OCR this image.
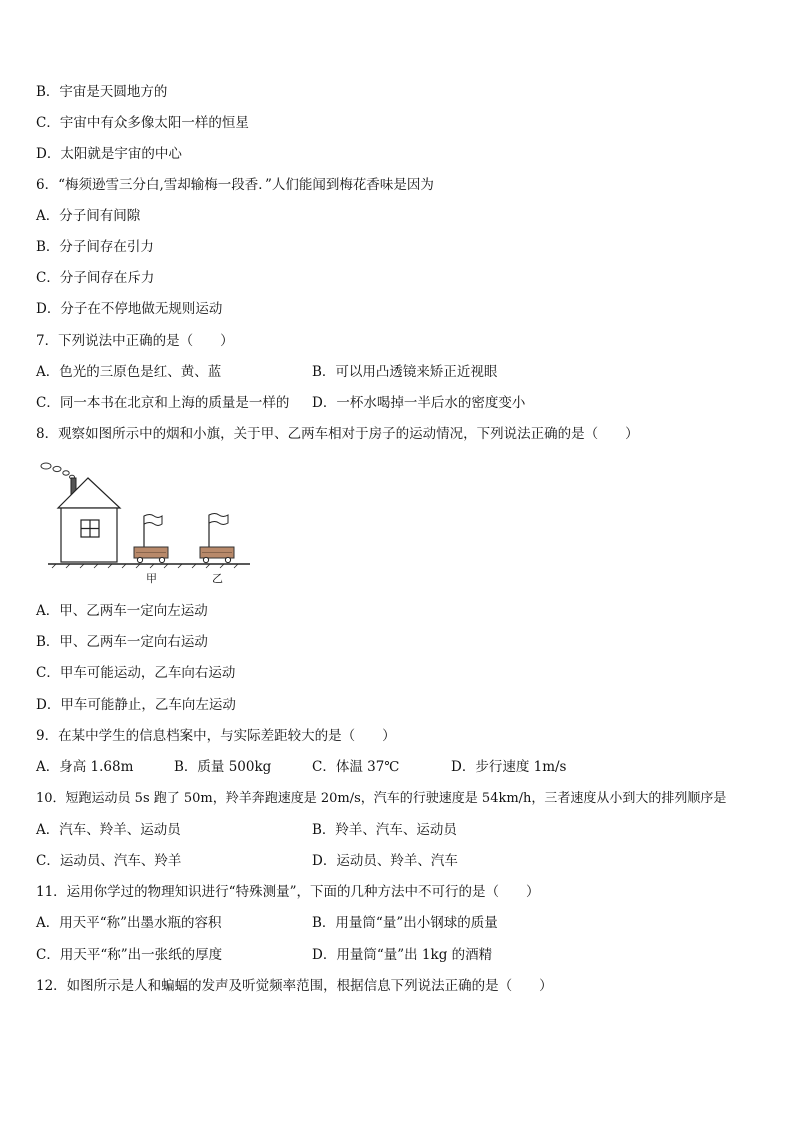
B．宇宙是天圆地方的
C．宇宙中有众多像太阳一样的恒星
D．太阳就是宇宙的中心
6．“梅须逊雪三分白,雪却输梅一段香．”人们能闻到梅花香味是因为
A．分子间有间隙
B．分子间存在引力
C．分子间存在斥力
D．分子在不停地做无规则运动
7．下列说法中正确的是（　　）
A．色光的三原色是红、黄、蓝	B．可以用凸透镜来矫正近视眼
C．同一本书在北京和上海的质量是一样的 D．一杯水喝掉一半后水的密度变小
8．观察如图所示中的烟和小旗，关于甲、乙两车相对于房子的运动情况，下列说法正确的是（　　）
甲	乙
A．甲、乙两车一定向左运动
B．甲、乙两车一定向右运动
C．甲车可能运动，乙车向右运动
D．甲车可能静止，乙车向左运动
9．在某中学生的信息档案中，与实际差距较大的是（　　）
A．身高 1.68m	B．质量 500kg	C．体温 37℃	D．步行速度 1m/s
10．短跑运动员 5s 跑了 50m，羚羊奔跑速度是 20m/s，汽车的行驶速度是 54km/h，三者速度从小到大的排列顺序是
A．汽车、羚羊、运动员	B．羚羊、汽车、运动员
C．运动员、汽车、羚羊	D．运动员、羚羊、汽车
11．运用你学过的物理知识进行“特殊测量”，下面的几种方法中不可行的是（　　）
A．用天平“称”出墨水瓶的容积	B．用量筒“量”出小钢球的质量
C．用天平“称”出一张纸的厚度	D．用量筒“量”出 1kg 的酒精
12．如图所示是人和蝙蝠的发声及听觉频率范围，根据信息下列说法正确的是（　　）
